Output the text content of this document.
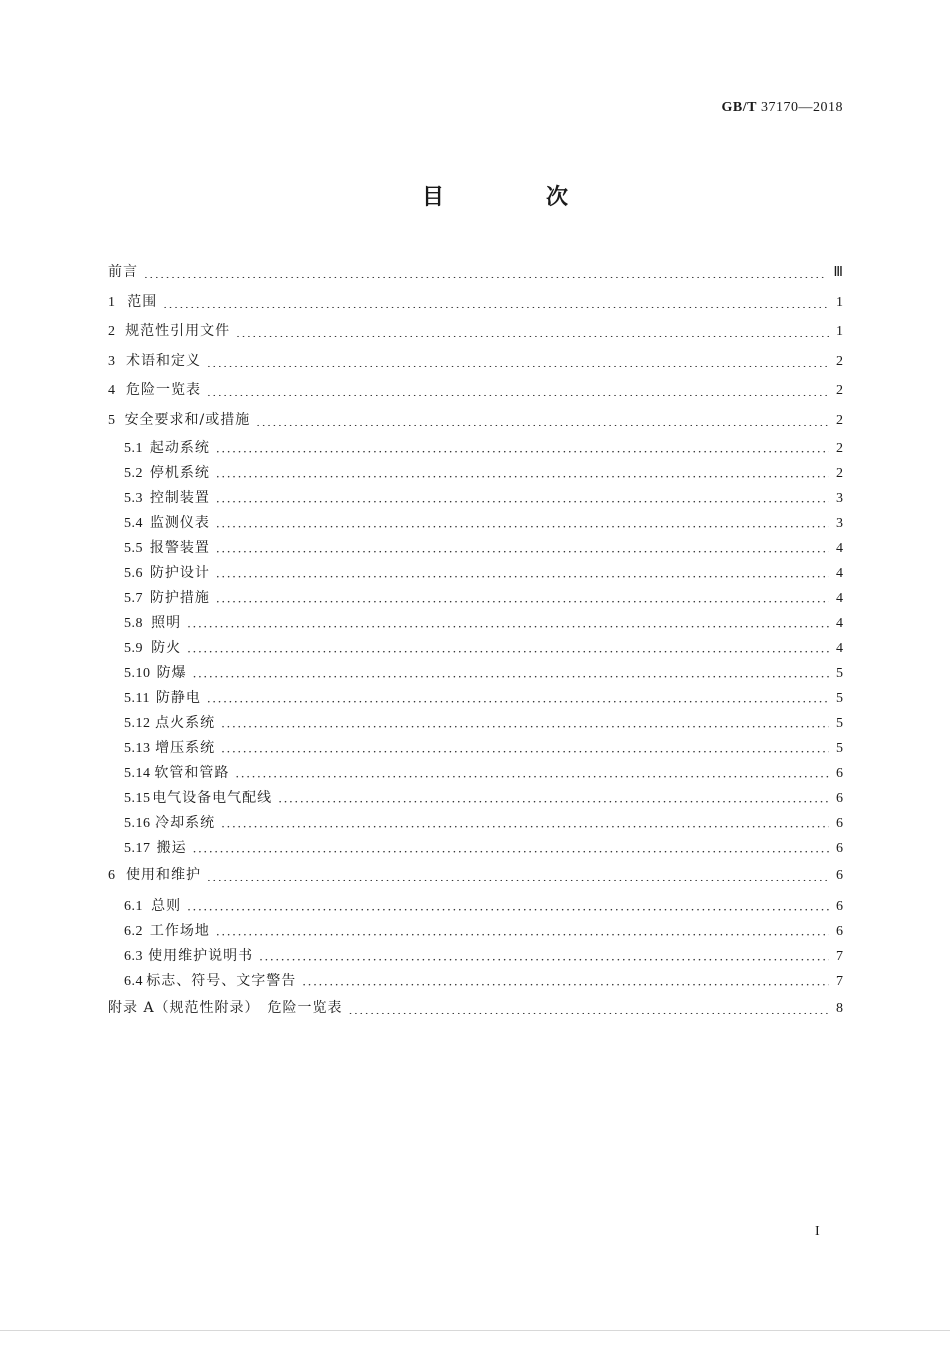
GB/T 37170—2018
目　次
前言 ·····	Ⅲ
1 范围 ·····	1
2 规范性引用文件 ·····	1
3 术语和定义 ·····	2
4 危险一览表 ·····	2
5 安全要求和/或措施 ·····	2
5.1 起动系统 ·····	2
5.2 停机系统 ·····	2
5.3 控制装置 ·····	3
5.4 监测仪表 ·····	3
5.5 报警装置 ·····	4
5.6 防护设计 ·····	4
5.7 防护措施 ·····	4
5.8 照明 ·····	4
5.9 防火 ·····	4
5.10 防爆 ·····	5
5.11 防静电 ·····	5
5.12 点火系统 ·····	5
5.13 增压系统 ·····	5
5.14 软管和管路 ·····	6
5.15 电气设备电气配线 ·····	6
5.16 冷却系统 ·····	6
5.17 搬运 ·····	6
6 使用和维护 ·····	6
6.1 总则 ·····	6
6.2 工作场地 ·····	6
6.3 使用维护说明书 ·····	7
6.4 标志、符号、文字警告 ·····	7
附录 A（规范性附录）　危险一览表 ·····	8
I
